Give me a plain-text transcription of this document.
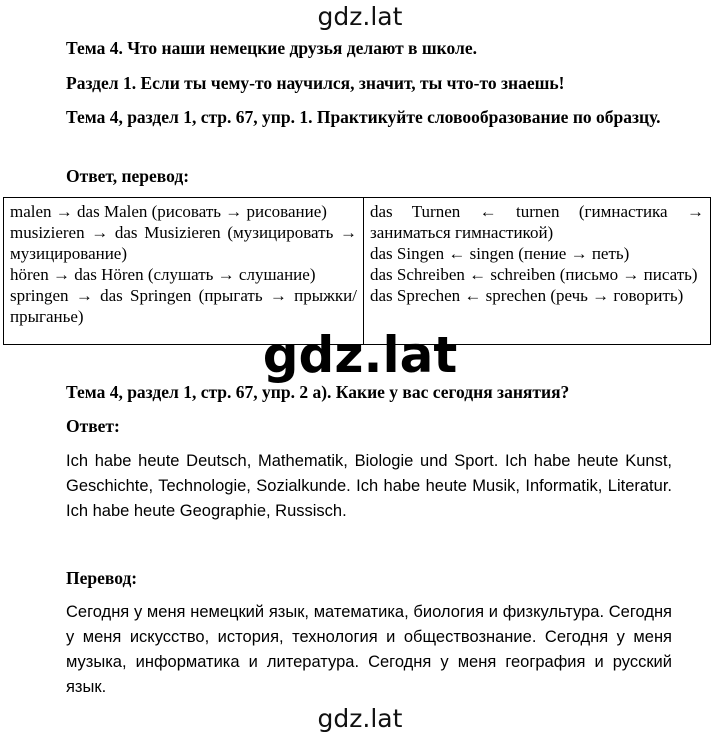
gdz.lat
Тема 4. Что наши немецкие друзья делают в школе.
Раздел 1. Если ты чему-то научился, значит, ты что-то знаешь!
Тема 4, раздел 1, стр. 67, упр. 1. Практикуйте словообразование по образцу.
Ответ, перевод:
malen → das Malen (рисовать → рисование)
musizieren → das Musizieren (музицировать → музицирование)
hören → das Hören (слушать → слушание)
springen → das Springen (прыгать → прыжки/прыганье)
das Turnen ← turnen (гимнастика → заниматься гимнастикой)
das Singen ← singen (пение → петь)
das Schreiben ← schreiben (письмо → писать)
das Sprechen ← sprechen (речь → говорить)
gdz.lat
Тема 4, раздел 1, стр. 67, упр. 2 а). Какие у вас сегодня занятия?
Ответ:
Ich habe heute Deutsch, Mathematik, Biologie und Sport. Ich habe heute Kunst, Geschichte, Technologie, Sozialkunde. Ich habe heute Musik, Informatik, Literatur. Ich habe heute Geographie, Russisch.
Перевод:
Сегодня у меня немецкий язык, математика, биология и физкультура. Сегодня у меня искусство, история, технология и обществознание. Сегодня у меня музыка, информатика и литература. Сегодня у меня география и русский язык.
gdz.lat
